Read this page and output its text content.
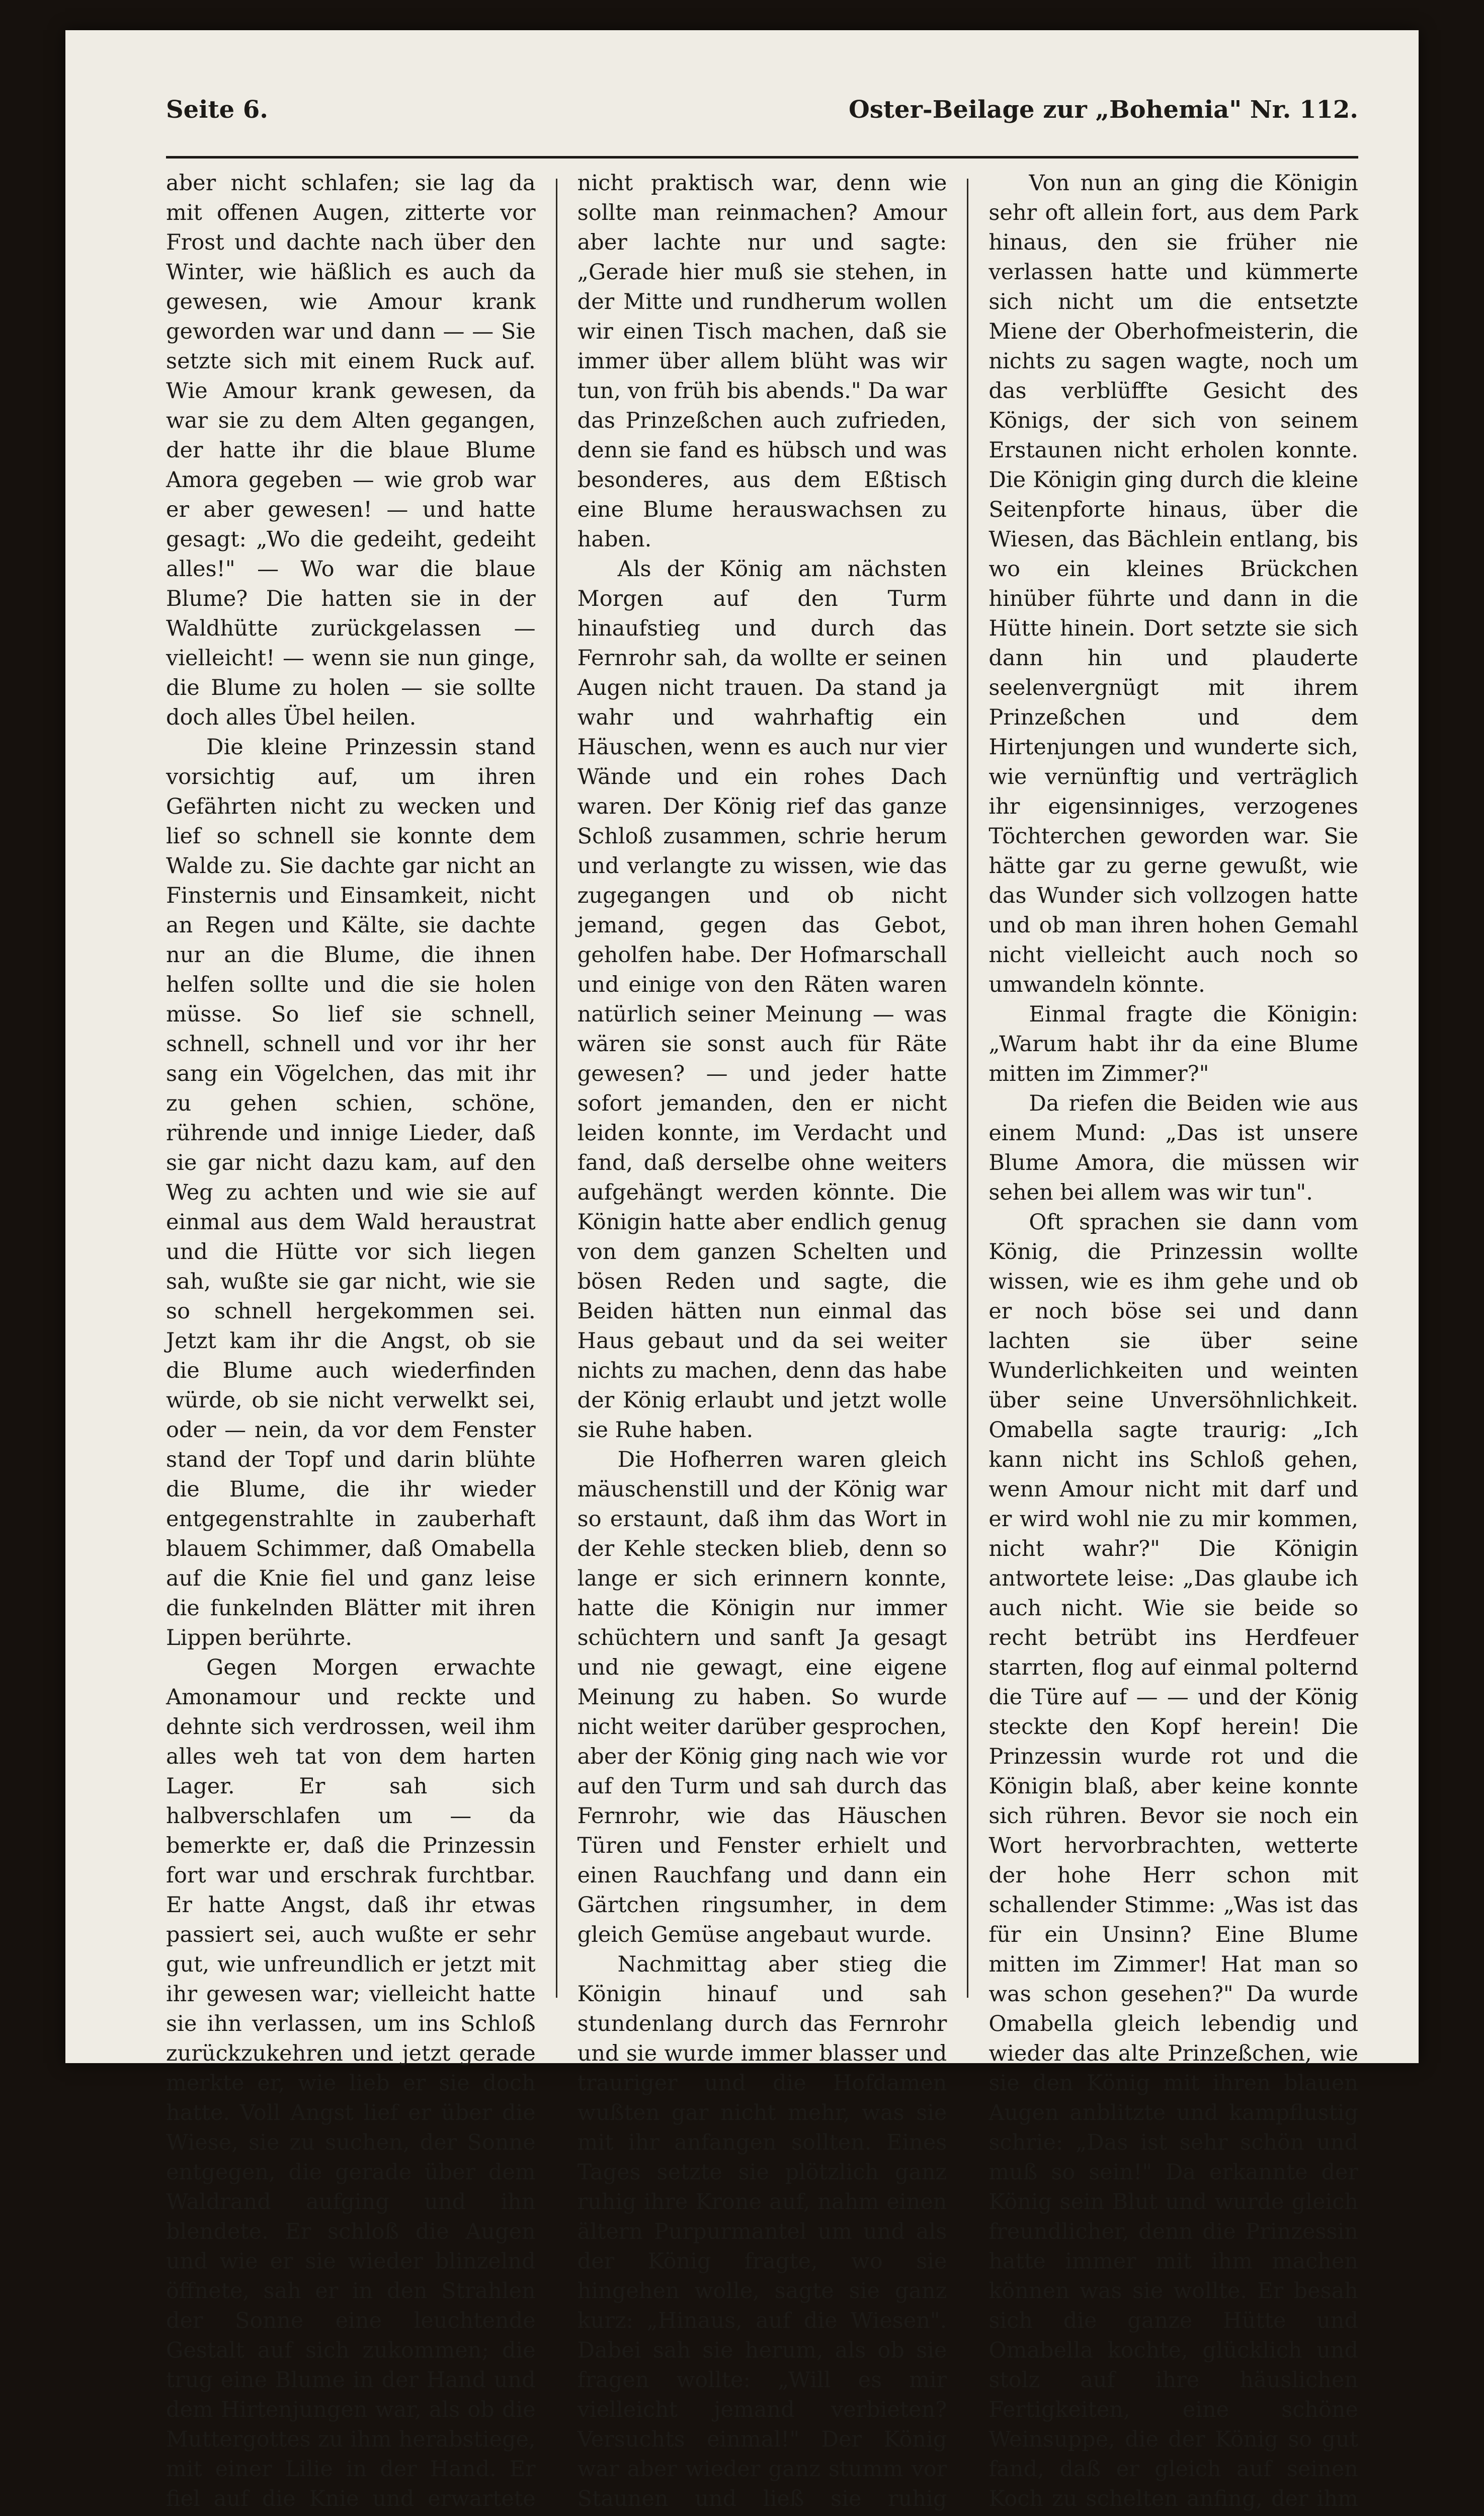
Seite 6.	Oster-Beilage zur „Bohemia" Nr. 112.

aber nicht schlafen; sie lag da mit offenen Augen, zitterte vor Frost und dachte nach über den Winter, wie häßlich es auch da gewesen, wie Amour krank geworden war und dann — — Sie setzte sich mit einem Ruck auf. Wie Amour krank gewesen, da war sie zu dem Alten gegangen, der hatte ihr die blaue Blume Amora gegeben — wie grob war er aber gewesen! — und hatte gesagt: „Wo die gedeiht, gedeiht alles!" — Wo war die blaue Blume? Die hatten sie in der Waldhütte zurückgelassen — vielleicht! — wenn sie nun ginge, die Blume zu holen — sie sollte doch alles Übel heilen.

Die kleine Prinzessin stand vorsichtig auf, um ihren Gefährten nicht zu wecken und lief so schnell sie konnte dem Walde zu. Sie dachte gar nicht an Finsternis und Einsamkeit, nicht an Regen und Kälte, sie dachte nur an die Blume, die ihnen helfen sollte und die sie holen müsse. So lief sie schnell, schnell, schnell und vor ihr her sang ein Vögelchen, das mit ihr zu gehen schien, schöne, rührende und innige Lieder, daß sie gar nicht dazu kam, auf den Weg zu achten und wie sie auf einmal aus dem Wald heraustrat und die Hütte vor sich liegen sah, wußte sie gar nicht, wie sie so schnell hergekommen sei. Jetzt kam ihr die Angst, ob sie die Blume auch wiederfinden würde, ob sie nicht verwelkt sei, oder — nein, da vor dem Fenster stand der Topf und darin blühte die Blume, die ihr wieder entgegenstrahlte in zauberhaft blauem Schimmer, daß Omabella auf die Knie fiel und ganz leise die funkelnden Blätter mit ihren Lippen berührte.

Gegen Morgen erwachte Amonamour und reckte und dehnte sich verdrossen, weil ihm alles weh tat von dem harten Lager. Er sah sich halbverschlafen um — da bemerkte er, daß die Prinzessin fort war und erschrak furchtbar. Er hatte Angst, daß ihr etwas passiert sei, auch wußte er sehr gut, wie unfreundlich er jetzt mit ihr gewesen war; vielleicht hatte sie ihn verlassen, um ins Schloß zurückzukehren und jetzt gerade merkte er, wie lieb er sie doch hatte. Voll Angst lief er über die Wiese, sie zu suchen, der Sonne entgegen, die gerade über dem Waldrand aufging und ihn blendete. Er schloß die Augen und wie er sie wieder blinzelnd öffnete, sah er in den Strahlen der Sonne eine leuchtende Gestalt auf sich zukommen; die trug eine Blume in der Hand und dem Hirtenjungen war, als ob die Muttergottes zu ihm herabstiege, mit einer Lilie in der Hand. Er fiel auf die Knie und erwartete

nicht praktisch war, denn wie sollte man reinmachen? Amour aber lachte nur und sagte: „Gerade hier muß sie stehen, in der Mitte und rundherum wollen wir einen Tisch machen, daß sie immer über allem blüht was wir tun, von früh bis abends." Da war das Prinzeßchen auch zufrieden, denn sie fand es hübsch und was besonderes, aus dem Eßtisch eine Blume herauswachsen zu haben.

Als der König am nächsten Morgen auf den Turm hinaufstieg und durch das Fernrohr sah, da wollte er seinen Augen nicht trauen. Da stand ja wahr und wahrhaftig ein Häuschen, wenn es auch nur vier Wände und ein rohes Dach waren. Der König rief das ganze Schloß zusammen, schrie herum und verlangte zu wissen, wie das zugegangen und ob nicht jemand, gegen das Gebot, geholfen habe. Der Hofmarschall und einige von den Räten waren natürlich seiner Meinung — was wären sie sonst auch für Räte gewesen? — und jeder hatte sofort jemanden, den er nicht leiden konnte, im Verdacht und fand, daß derselbe ohne weiters aufgehängt werden könnte. Die Königin hatte aber endlich genug von dem ganzen Schelten und bösen Reden und sagte, die Beiden hätten nun einmal das Haus gebaut und da sei weiter nichts zu machen, denn das habe der König erlaubt und jetzt wolle sie Ruhe haben.

Die Hofherren waren gleich mäuschenstill und der König war so erstaunt, daß ihm das Wort in der Kehle stecken blieb, denn so lange er sich erinnern konnte, hatte die Königin nur immer schüchtern und sanft Ja gesagt und nie gewagt, eine eigene Meinung zu haben. So wurde nicht weiter darüber gesprochen, aber der König ging nach wie vor auf den Turm und sah durch das Fernrohr, wie das Häuschen Türen und Fenster erhielt und einen Rauchfang und dann ein Gärtchen ringsumher, in dem gleich Gemüse angebaut wurde.

Nachmittag aber stieg die Königin hinauf und sah stundenlang durch das Fernrohr und sie wurde immer blasser und trauriger und die Hofdamen wußten gar nicht mehr, was sie mit ihr anfangen sollten. Eines Tages setzte sie plötzlich ganz ruhig ihre Krone auf, nahm einen ältern Purpurmantel um und als der König fragte, wo sie hingehen wolle, sagte sie ganz kurz: „Hinaus, auf die Wiesen". Dabei sah sie herum, als ob sie fragen wollte: „Will es mir vielleicht jemand verbieten? Versuchts einmal!" Der König war aber wieder ganz stumm vor Staunen und ließ sie ruhig

Von nun an ging die Königin sehr oft allein fort, aus dem Park hinaus, den sie früher nie verlassen hatte und kümmerte sich nicht um die entsetzte Miene der Oberhofmeisterin, die nichts zu sagen wagte, noch um das verblüffte Gesicht des Königs, der sich von seinem Erstaunen nicht erholen konnte. Die Königin ging durch die kleine Seitenpforte hinaus, über die Wiesen, das Bächlein entlang, bis wo ein kleines Brückchen hinüber führte und dann in die Hütte hinein. Dort setzte sie sich dann hin und plauderte seelenvergnügt mit ihrem Prinzeßchen und dem Hirtenjungen und wunderte sich, wie vernünftig und verträglich ihr eigensinniges, verzogenes Töchterchen geworden war. Sie hätte gar zu gerne gewußt, wie das Wunder sich vollzogen hatte und ob man ihren hohen Gemahl nicht vielleicht auch noch so umwandeln könnte.

Einmal fragte die Königin: „Warum habt ihr da eine Blume mitten im Zimmer?"

Da riefen die Beiden wie aus einem Mund: „Das ist unsere Blume Amora, die müssen wir sehen bei allem was wir tun".

Oft sprachen sie dann vom König, die Prinzessin wollte wissen, wie es ihm gehe und ob er noch böse sei und dann lachten sie über seine Wunderlichkeiten und weinten über seine Unversöhnlichkeit. Omabella sagte traurig: „Ich kann nicht ins Schloß gehen, wenn Amour nicht mit darf und er wird wohl nie zu mir kommen, nicht wahr?" Die Königin antwortete leise: „Das glaube ich auch nicht. Wie sie beide so recht betrübt ins Herdfeuer starrten, flog auf einmal polternd die Türe auf — — und der König steckte den Kopf herein! Die Prinzessin wurde rot und die Königin blaß, aber keine konnte sich rühren. Bevor sie noch ein Wort hervorbrachten, wetterte der hohe Herr schon mit schallender Stimme: „Was ist das für ein Unsinn? Eine Blume mitten im Zimmer! Hat man so was schon gesehen?" Da wurde Omabella gleich lebendig und wieder das alte Prinzeßchen, wie sie den König mit ihren blauen Augen anblitzte und kampflustig schrie: „Das ist sehr schön und muß so sein!" Da erkannte der König sein Blut und wurde gleich freundlicher, denn die Prinzessin hatte immer mit ihm machen können was sie wollte. Er besah sich die ganze Hütte und Omabella kochte, glücklich und stolz auf ihre häuslichen Fertigkeiten, eine schöne Weinsuppe, die der König so gut fand, daß er gleich auf seinen Koch zu schelten anfing, der ihm
